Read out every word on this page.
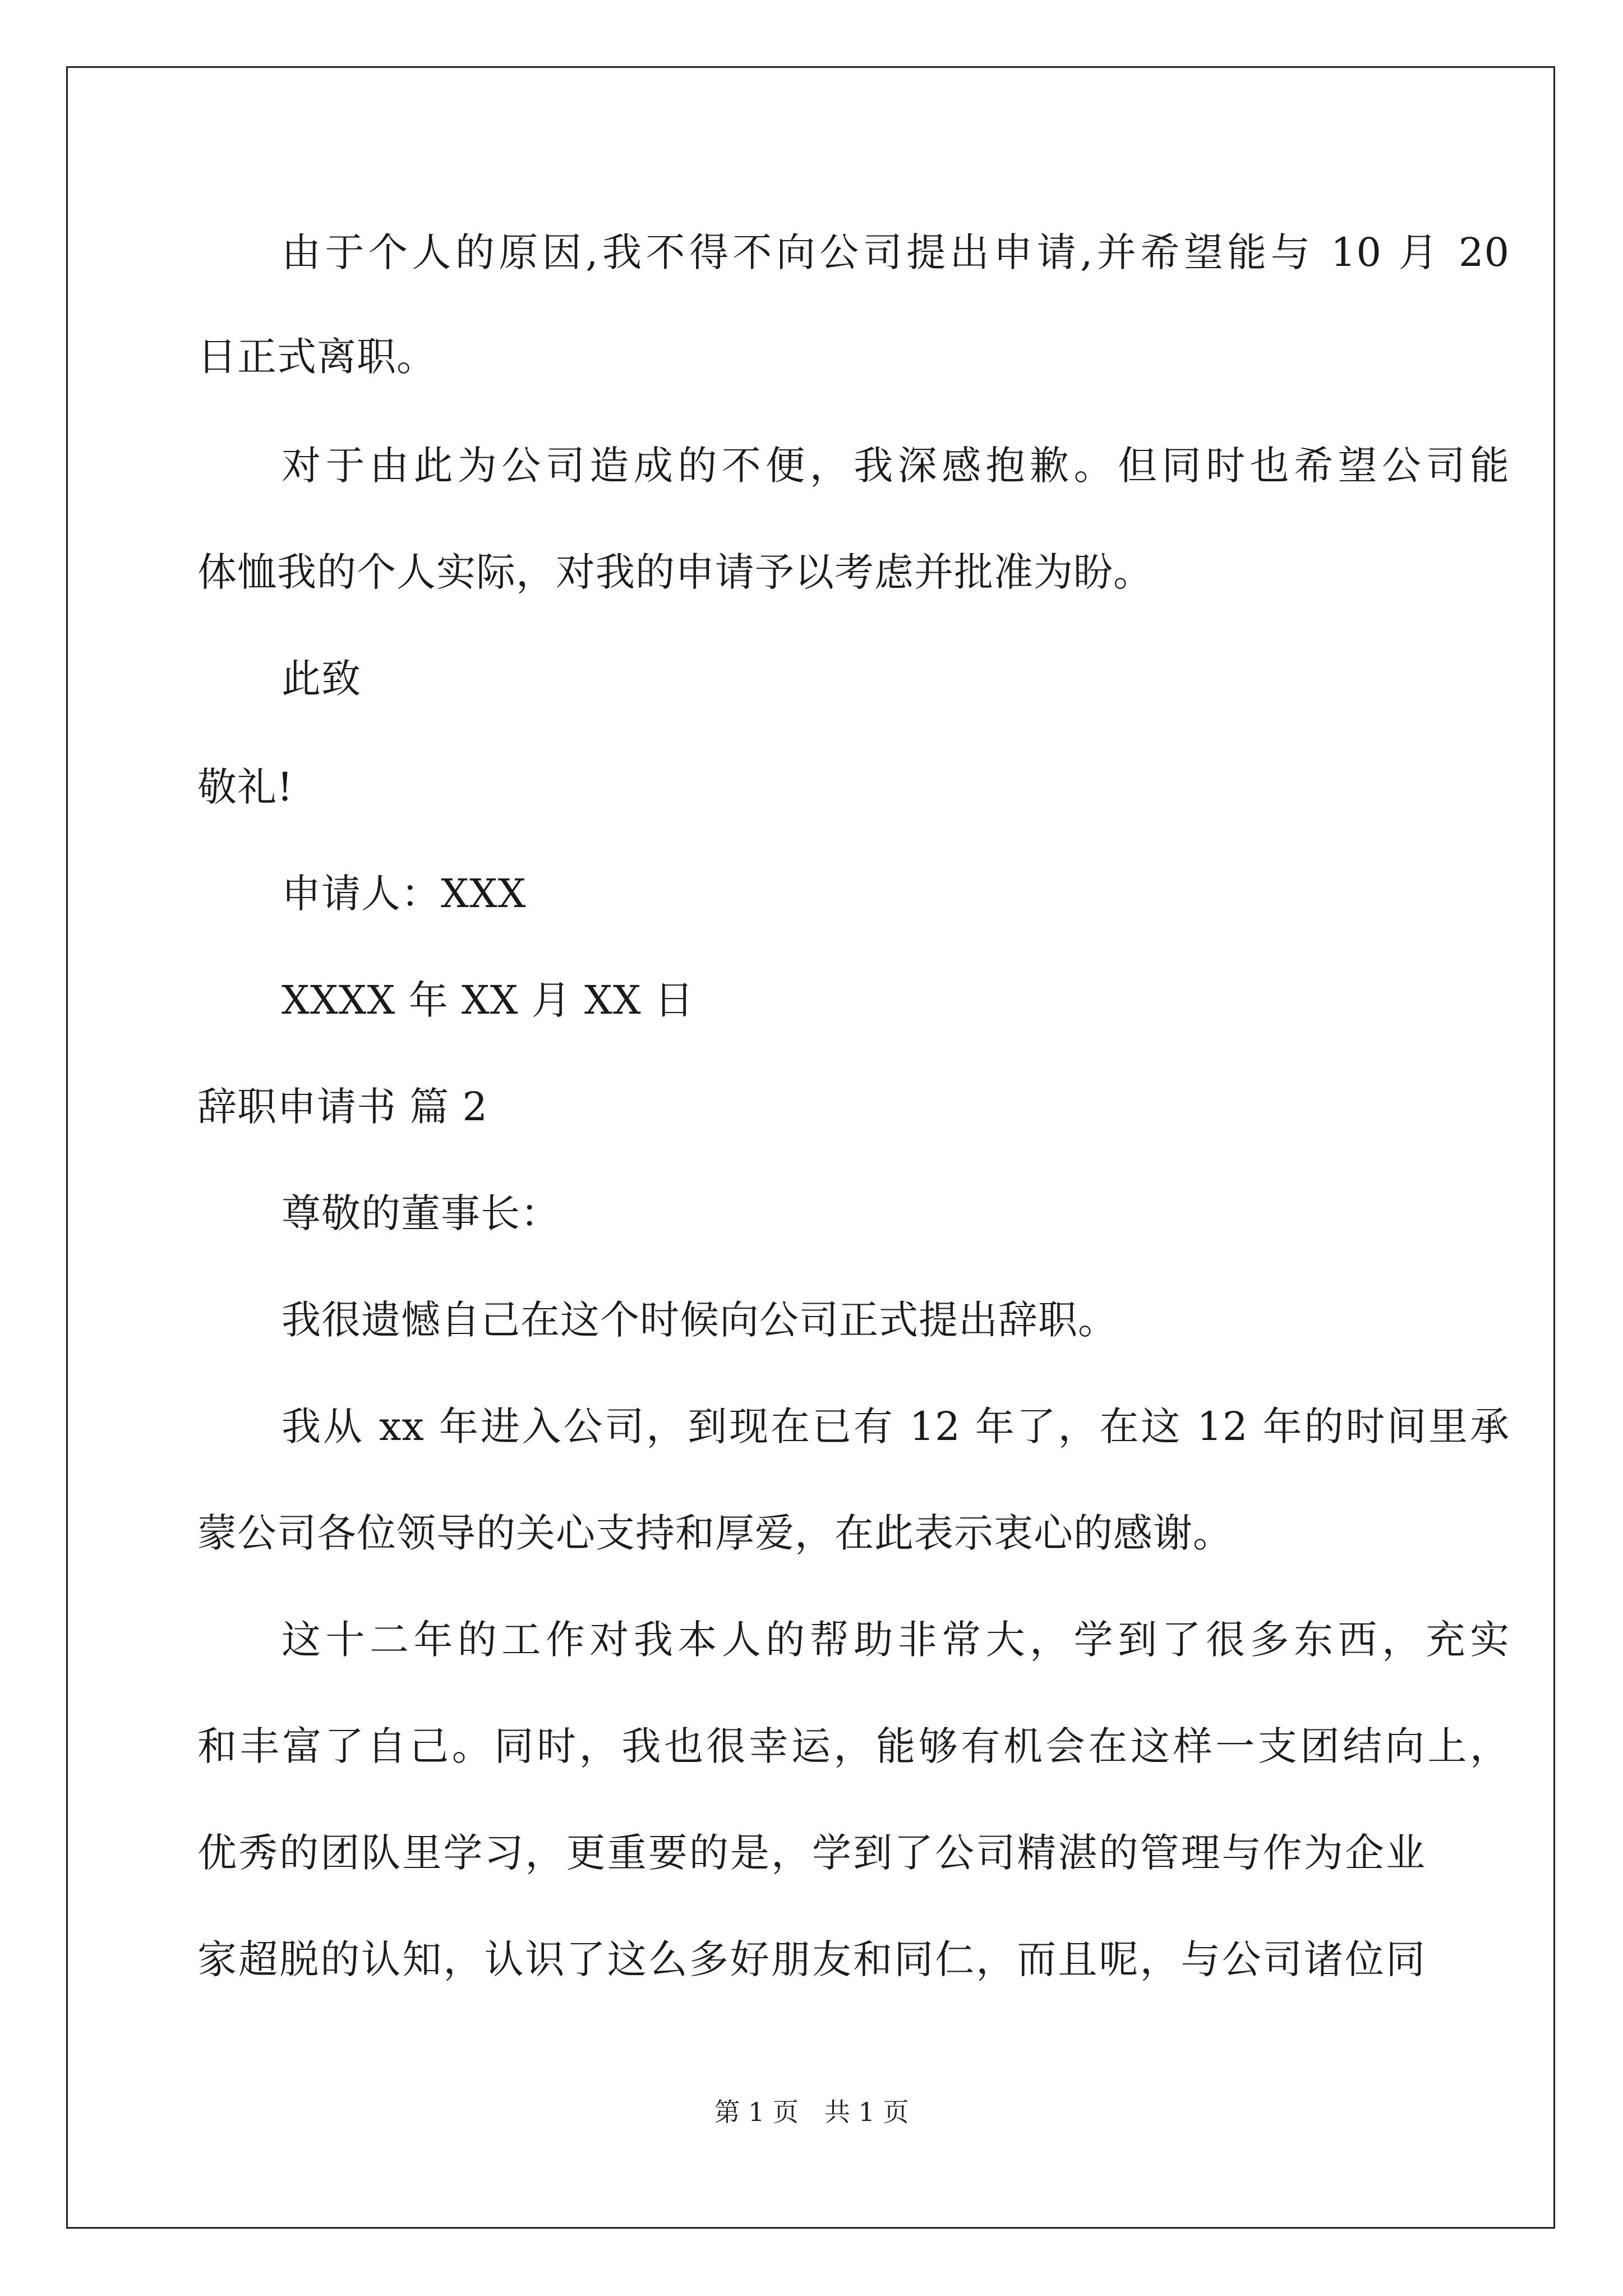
由于个人的原因,我不得不向公司提出申请,并希望能与 10 月 20
日正式离职。
对于由此为公司造成的不便，我深感抱歉。但同时也希望公司能
体恤我的个人实际，对我的申请予以考虑并批准为盼。
此致
敬礼!
申请人：XXX
XXXX 年 XX 月 XX 日
辞职申请书 篇 2
尊敬的董事长：
我很遗憾自己在这个时候向公司正式提出辞职。
我从 xx 年进入公司，到现在已有 12 年了，在这 12 年的时间里承
蒙公司各位领导的关心支持和厚爱，在此表示衷心的感谢。
这十二年的工作对我本人的帮助非常大，学到了很多东西，充实
和丰富了自己。同时，我也很幸运，能够有机会在这样一支团结向上，
优秀的团队里学习，更重要的是，学到了公司精湛的管理与作为企业
家超脱的认知，认识了这么多好朋友和同仁，而且呢，与公司诸位同
第 1 页　共 1 页
